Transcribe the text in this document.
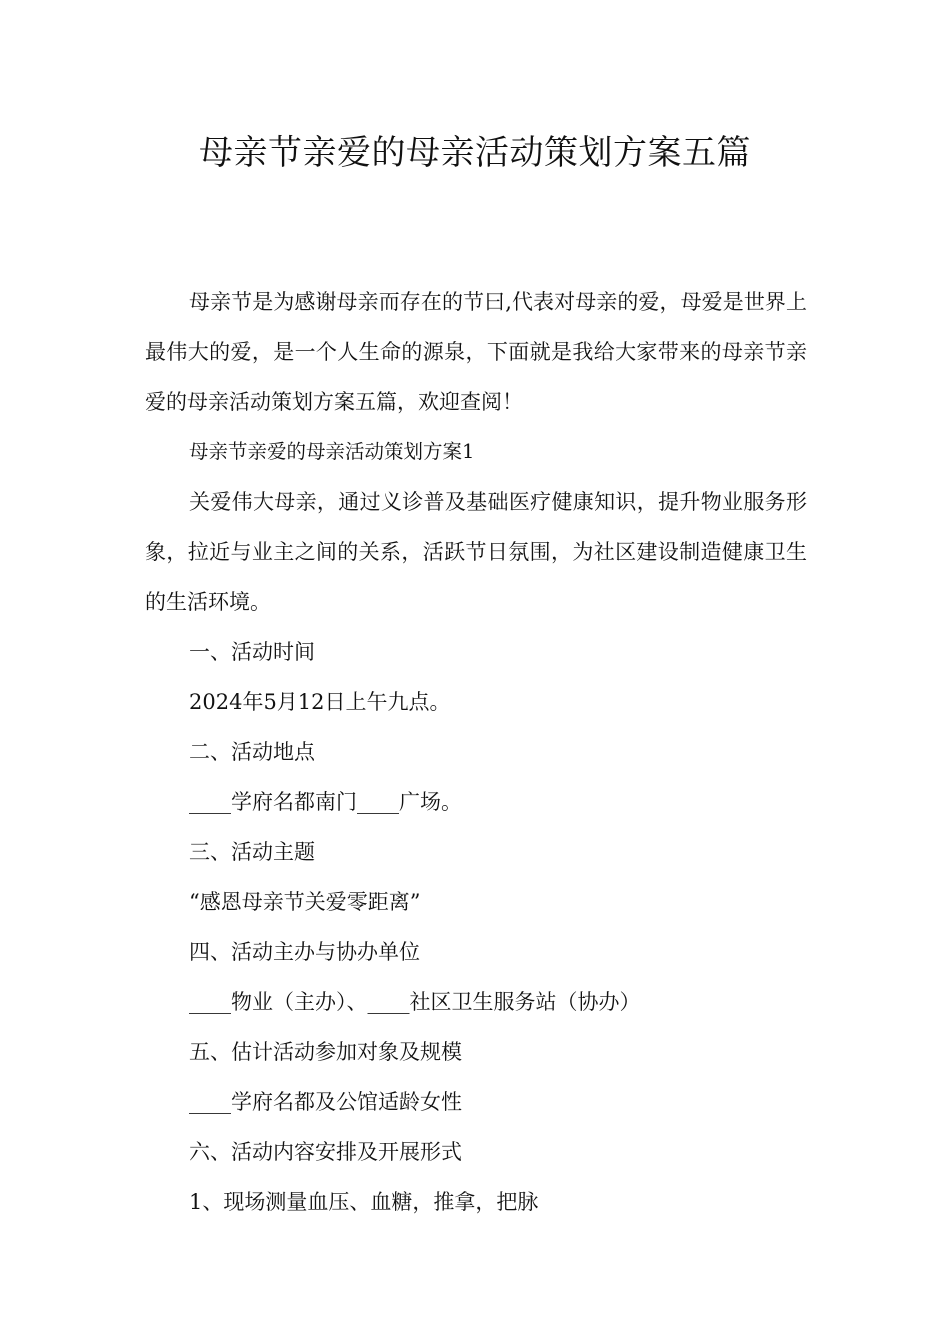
母亲节亲爱的母亲活动策划方案五篇

母亲节是为感谢母亲而存在的节曰,代表对母亲的爱，母爱是世界上最伟大的爱，是一个人生命的源泉，下面就是我给大家带来的母亲节亲爱的母亲活动策划方案五篇，欢迎查阅！

母亲节亲爱的母亲活动策划方案1

关爱伟大母亲，通过义诊普及基础医疗健康知识，提升物业服务形象，拉近与业主之间的关系，活跃节日氛围，为社区建设制造健康卫生的生活环境。

一、活动时间

2024年5月12日上午九点。

二、活动地点

____学府名都南门____广场。

三、活动主题

“感恩母亲节关爱零距离”

四、活动主办与协办单位

____物业（主办）、____社区卫生服务站（协办）

五、估计活动参加对象及规模

____学府名都及公馆适龄女性

六、活动内容安排及开展形式

1、现场测量血压、血糖，推拿，把脉
